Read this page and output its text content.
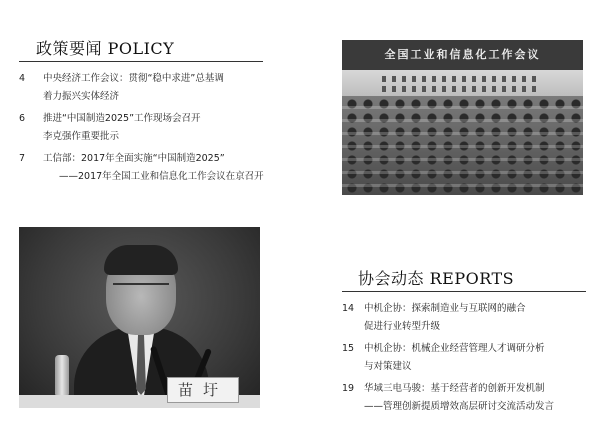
政策要闻 POLICY
4	中央经济工作会议：贯彻“稳中求进”总基调
着力振兴实体经济
6	推进“中国制造2025”工作现场会召开
李克强作重要批示
7	工信部：2017年全面实施“中国制造2025”
——2017年全国工业和信息化工作会议在京召开
全国工业和信息化工作会议
苗圩
协会动态 REPORTS
14	中机企协：探索制造业与互联网的融合
促进行业转型升级
15	中机企协：机械企业经营管理人才调研分析
与对策建议
19	华域三电马骏：基于经营者的创新开发机制
——管理创新提质增效高层研讨交流活动发言
